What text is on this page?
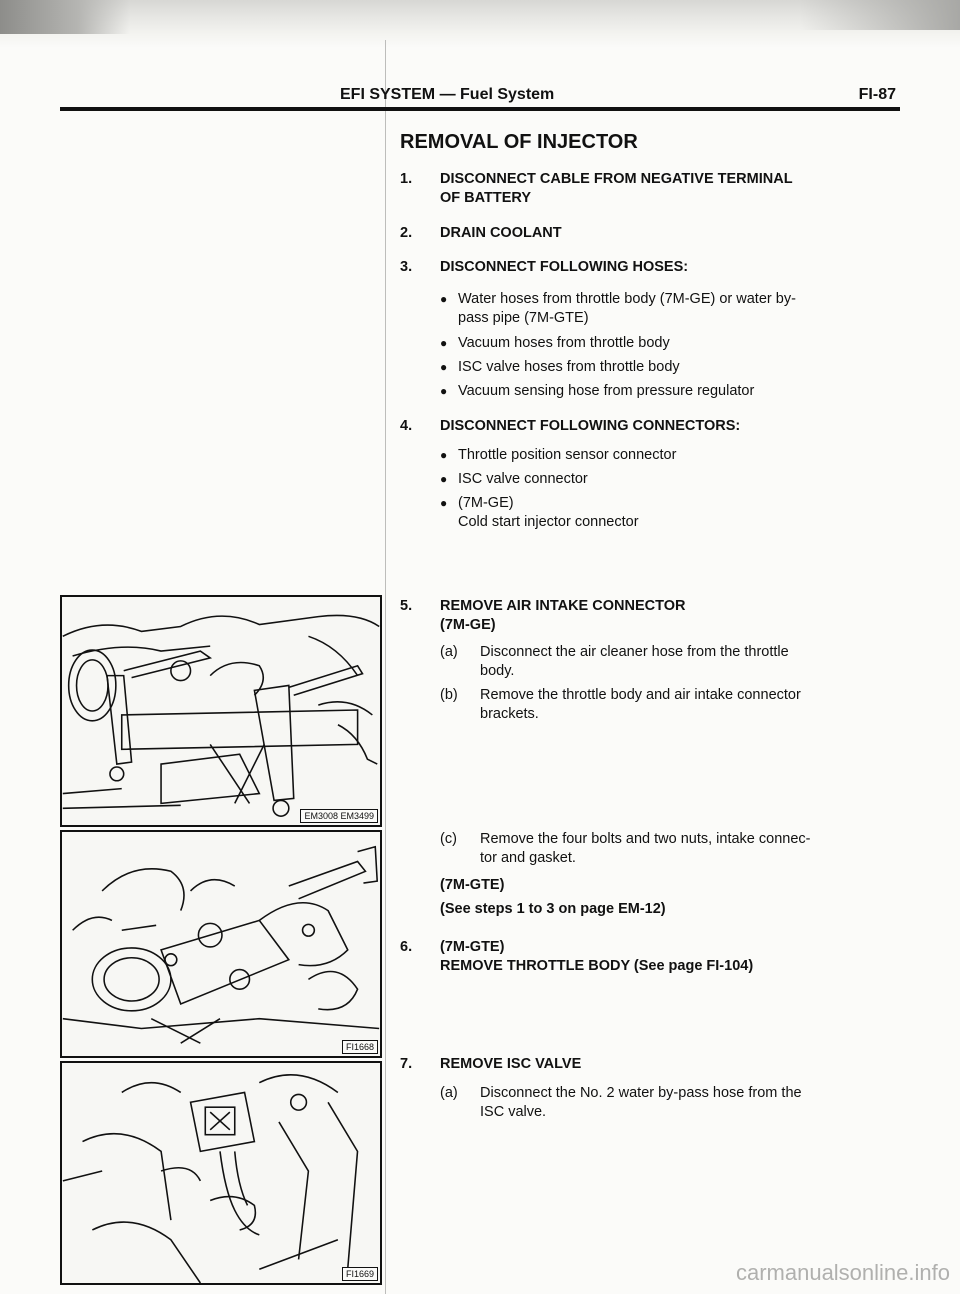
EFI SYSTEM — Fuel System	FI-87
REMOVAL OF INJECTOR
1. DISCONNECT CABLE FROM NEGATIVE TERMINAL
OF BATTERY
2. DRAIN COOLANT
3. DISCONNECT FOLLOWING HOSES:
● Water hoses from throttle body (7M-GE) or water by-
pass pipe (7M-GTE)
● Vacuum hoses from throttle body
● ISC valve hoses from throttle body
● Vacuum sensing hose from pressure regulator
4. DISCONNECT FOLLOWING CONNECTORS:
● Throttle position sensor connector
● ISC valve connector
● (7M-GE)
Cold start injector connector
5. REMOVE AIR INTAKE CONNECTOR
(7M-GE)
(a) Disconnect the air cleaner hose from the throttle
body.
(b) Remove the throttle body and air intake connector
brackets.
(c) Remove the four bolts and two nuts, intake connec-
tor and gasket.
(7M-GTE)
(See steps 1 to 3 on page EM-12)
6. (7M-GTE)
REMOVE THROTTLE BODY (See page FI-104)
7. REMOVE ISC VALVE
(a) Disconnect the No. 2 water by-pass hose from the
ISC valve.
EM3008 EM3499
FI1668
FI1669	carmanualsonline.info
